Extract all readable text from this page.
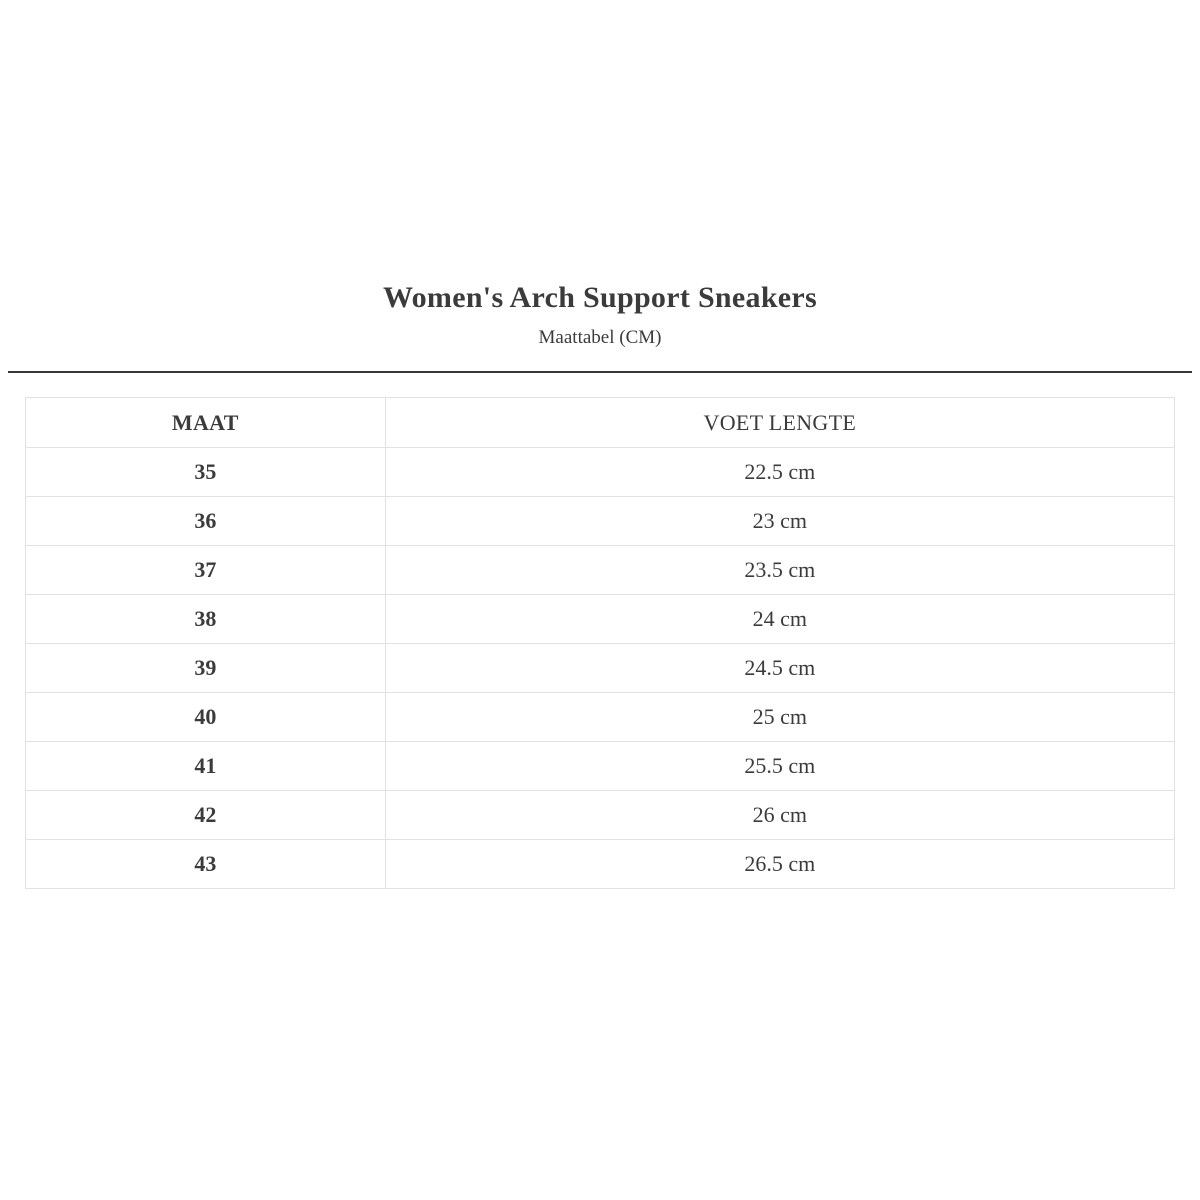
Women's Arch Support Sneakers

Maattabel (CM)

MAAT	VOET LENGTE
35	22.5 cm
36	23 cm
37	23.5 cm
38	24 cm
39	24.5 cm
40	25 cm
41	25.5 cm
42	26 cm
43	26.5 cm
